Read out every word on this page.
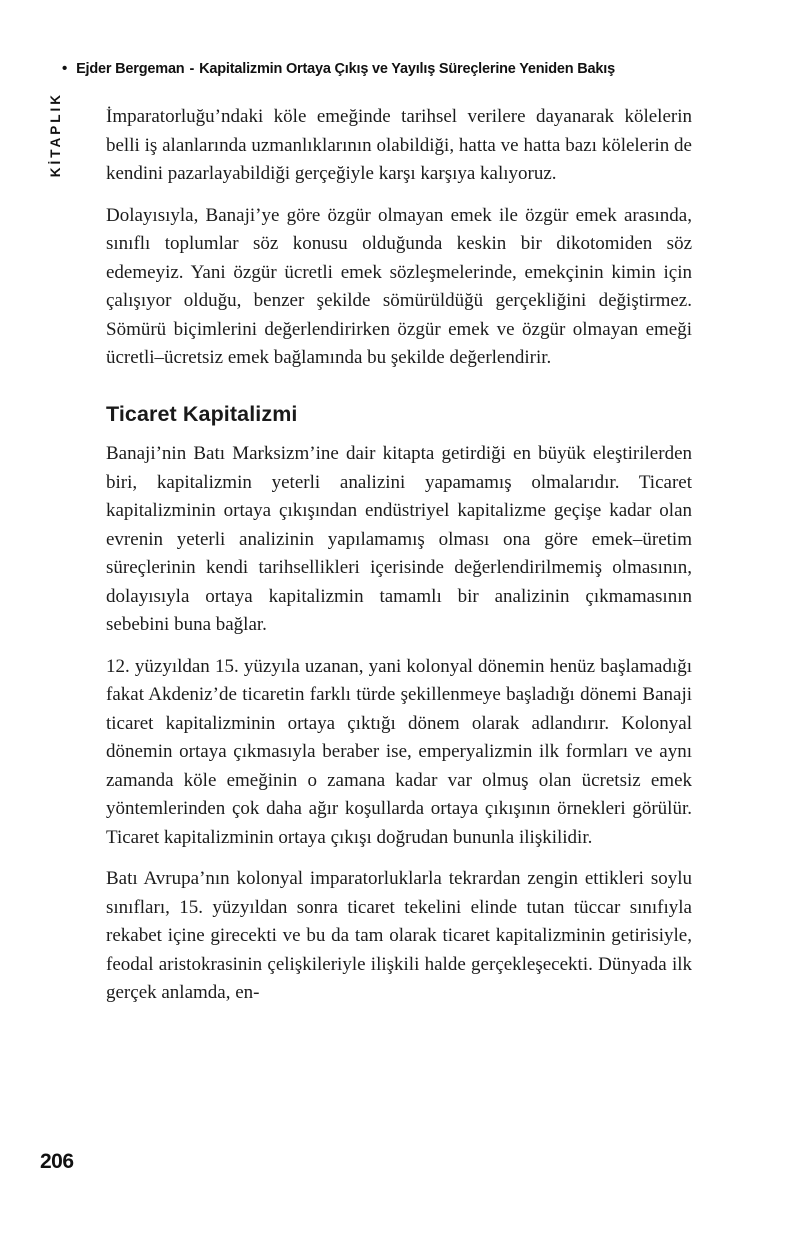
• Ejder Bergeman - Kapitalizmin Ortaya Çıkış ve Yayılış Süreçlerine Yeniden Bakış
KİTAPLIK İmparatorluğu’ndaki köle emeğinde tarihsel verilere dayanarak kölelerin belli iş alanlarında uzmanlıklarının olabildiği, hatta ve hatta bazı kölelerin de kendini pazarlayabildiği gerçeğiyle karşı karşıya kalıyoruz.

Dolayısıyla, Banaji’ye göre özgür olmayan emek ile özgür emek arasında, sınıflı toplumlar söz konusu olduğunda keskin bir dikotomiden söz edemeyiz. Yani özgür ücretli emek sözleşmelerinde, emekçinin kimin için çalışıyor olduğu, benzer şekilde sömürüldüğü gerçekliğini değiştirmez. Sömürü biçimlerini değerlendirirken özgür emek ve özgür olmayan emeği ücretli–ücretsiz emek bağlamında bu şekilde değerlendirir.

Ticaret Kapitalizmi

Banaji’nin Batı Marksizm’ine dair kitapta getirdiği en büyük eleştirilerden biri, kapitalizmin yeterli analizini yapamamış olmalarıdır. Ticaret kapitalizminin ortaya çıkışından endüstriyel kapitalizme geçişe kadar olan evrenin yeterli analizinin yapılamamış olması ona göre emek–üretim süreçlerinin kendi tarihsellikleri içerisinde değerlendirilmemiş olmasının, dolayısıyla ortaya kapitalizmin tamamlı bir analizinin çıkmamasının sebebini buna bağlar.

12. yüzyıldan 15. yüzyıla uzanan, yani kolonyal dönemin henüz başlamadığı fakat Akdeniz’de ticaretin farklı türde şekillenmeye başladığı dönemi Banaji ticaret kapitalizminin ortaya çıktığı dönem olarak adlandırır. Kolonyal dönemin ortaya çıkmasıyla beraber ise, emperyalizmin ilk formları ve aynı zamanda köle emeğinin o zamana kadar var olmuş olan ücretsiz emek yöntemlerinden çok daha ağır koşullarda ortaya çıkışının örnekleri görülür. Ticaret kapitalizminin ortaya çıkışı doğrudan bununla ilişkilidir.

Batı Avrupa’nın kolonyal imparatorluklarla tekrardan zengin ettikleri soylu sınıfları, 15. yüzyıldan sonra ticaret tekelini elinde tutan tüccar sınıfıyla rekabet içine girecekti ve bu da tam olarak ticaret kapitalizminin getirisiyle, feodal aristokrasinin çelişkileriyle ilişkili halde gerçekleşecekti. Dünyada ilk gerçek anlamda, en-

206
